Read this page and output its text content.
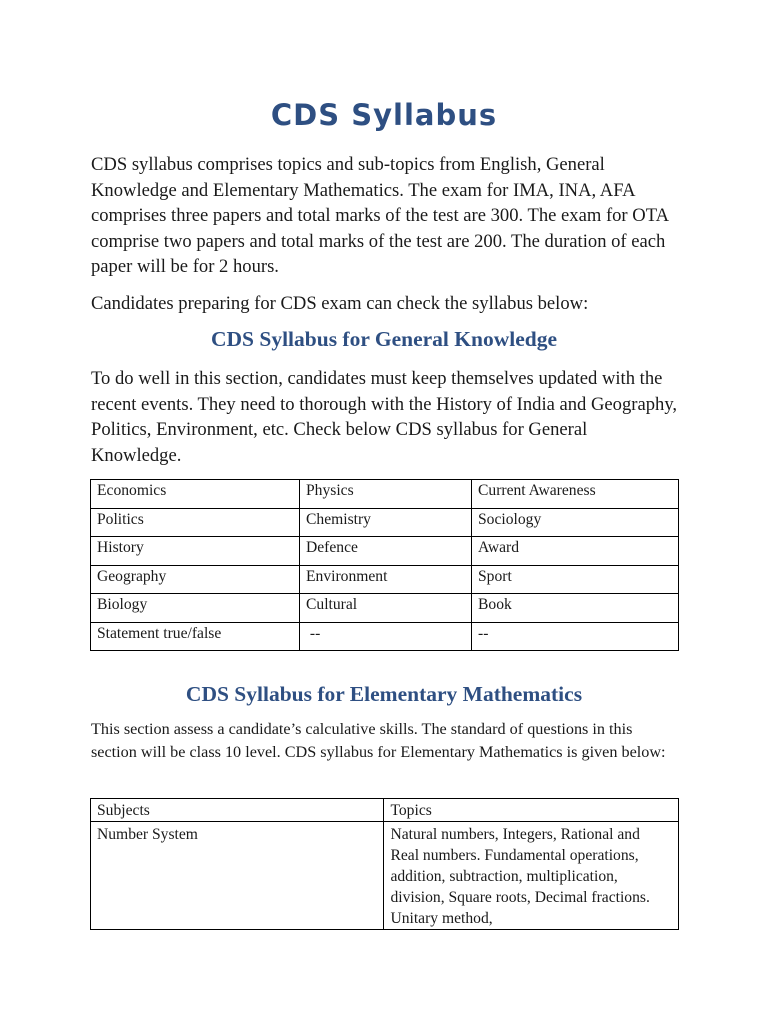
CDS Syllabus

CDS syllabus comprises topics and sub-topics from English, General Knowledge and Elementary Mathematics. The exam for IMA, INA, AFA comprises three papers and total marks of the test are 300. The exam for OTA comprise two papers and total marks of the test are 200. The duration of each paper will be for 2 hours.

Candidates preparing for CDS exam can check the syllabus below:

CDS Syllabus for General Knowledge

To do well in this section, candidates must keep themselves updated with the recent events. They need to thorough with the History of India and Geography, Politics, Environment, etc. Check below CDS syllabus for General Knowledge.

Economics	Physics	Current Awareness
Politics	Chemistry	Sociology
History	Defence	Award
Geography	Environment	Sport
Biology	Cultural	Book
Statement true/false	--	--
CDS Syllabus for Elementary Mathematics

This section assess a candidate’s calculative skills. The standard of questions in this section will be class 10 level. CDS syllabus for Elementary Mathematics is given below:

Subjects	Topics
Number System	Natural numbers, Integers, Rational and Real numbers. Fundamental operations, addition, subtraction, multiplication, division, Square roots, Decimal fractions. Unitary method,
